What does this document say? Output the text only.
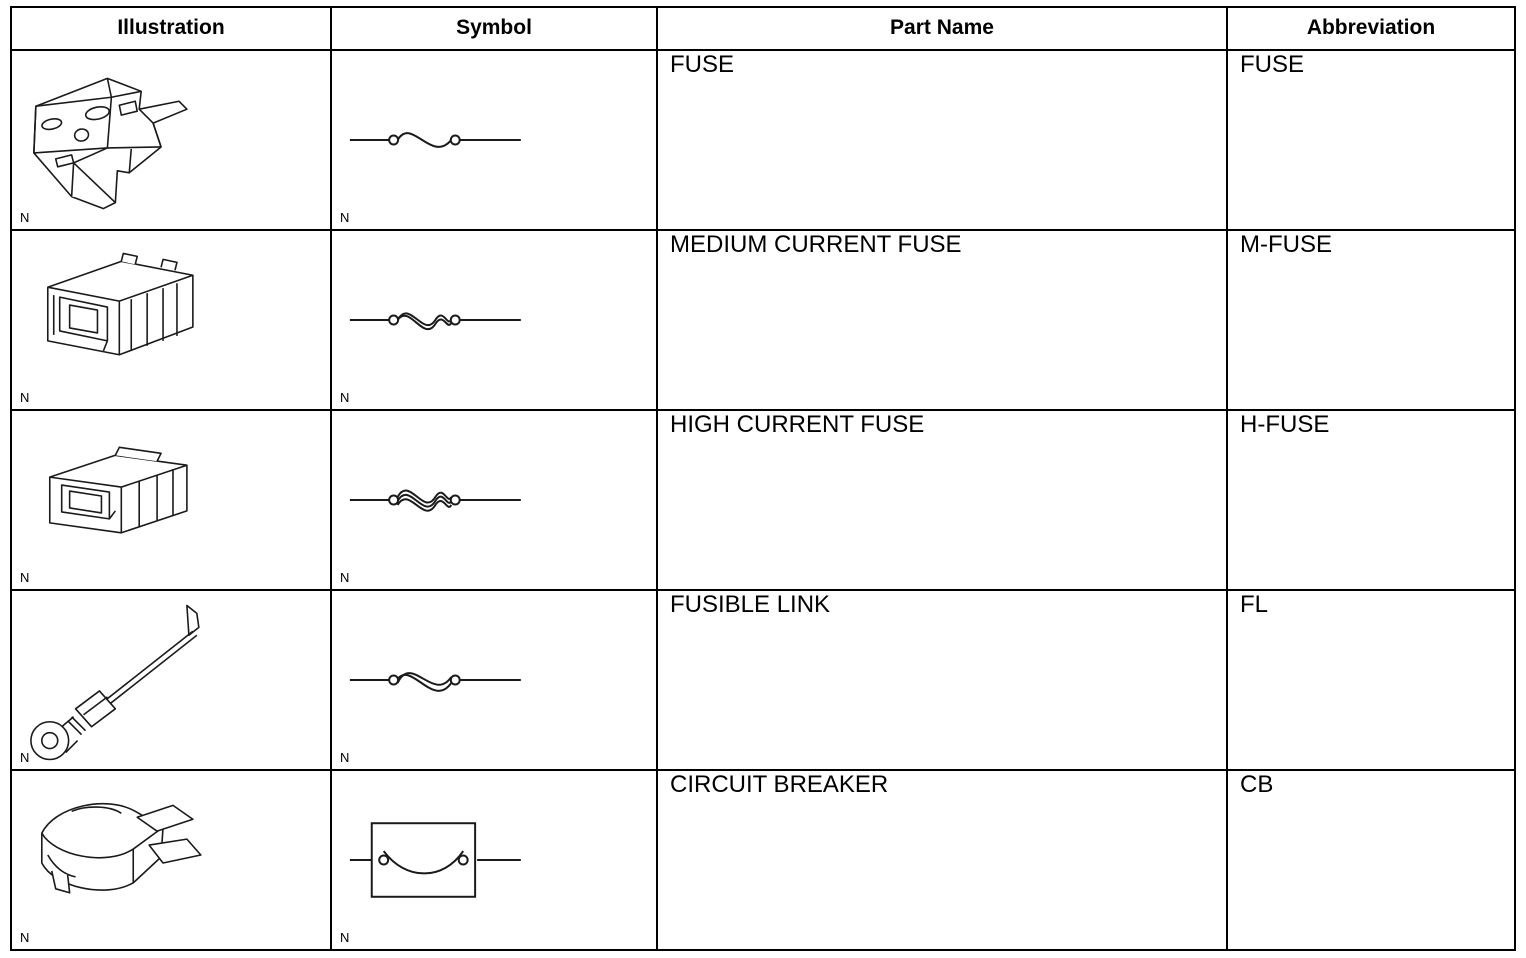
Illustration	Symbol	Part Name	Abbreviation

N	N	FUSE	FUSE

N	N	MEDIUM CURRENT FUSE	M-FUSE

N	N	HIGH CURRENT FUSE	H-FUSE

N	N	FUSIBLE LINK	FL

N	N	CIRCUIT BREAKER	CB
